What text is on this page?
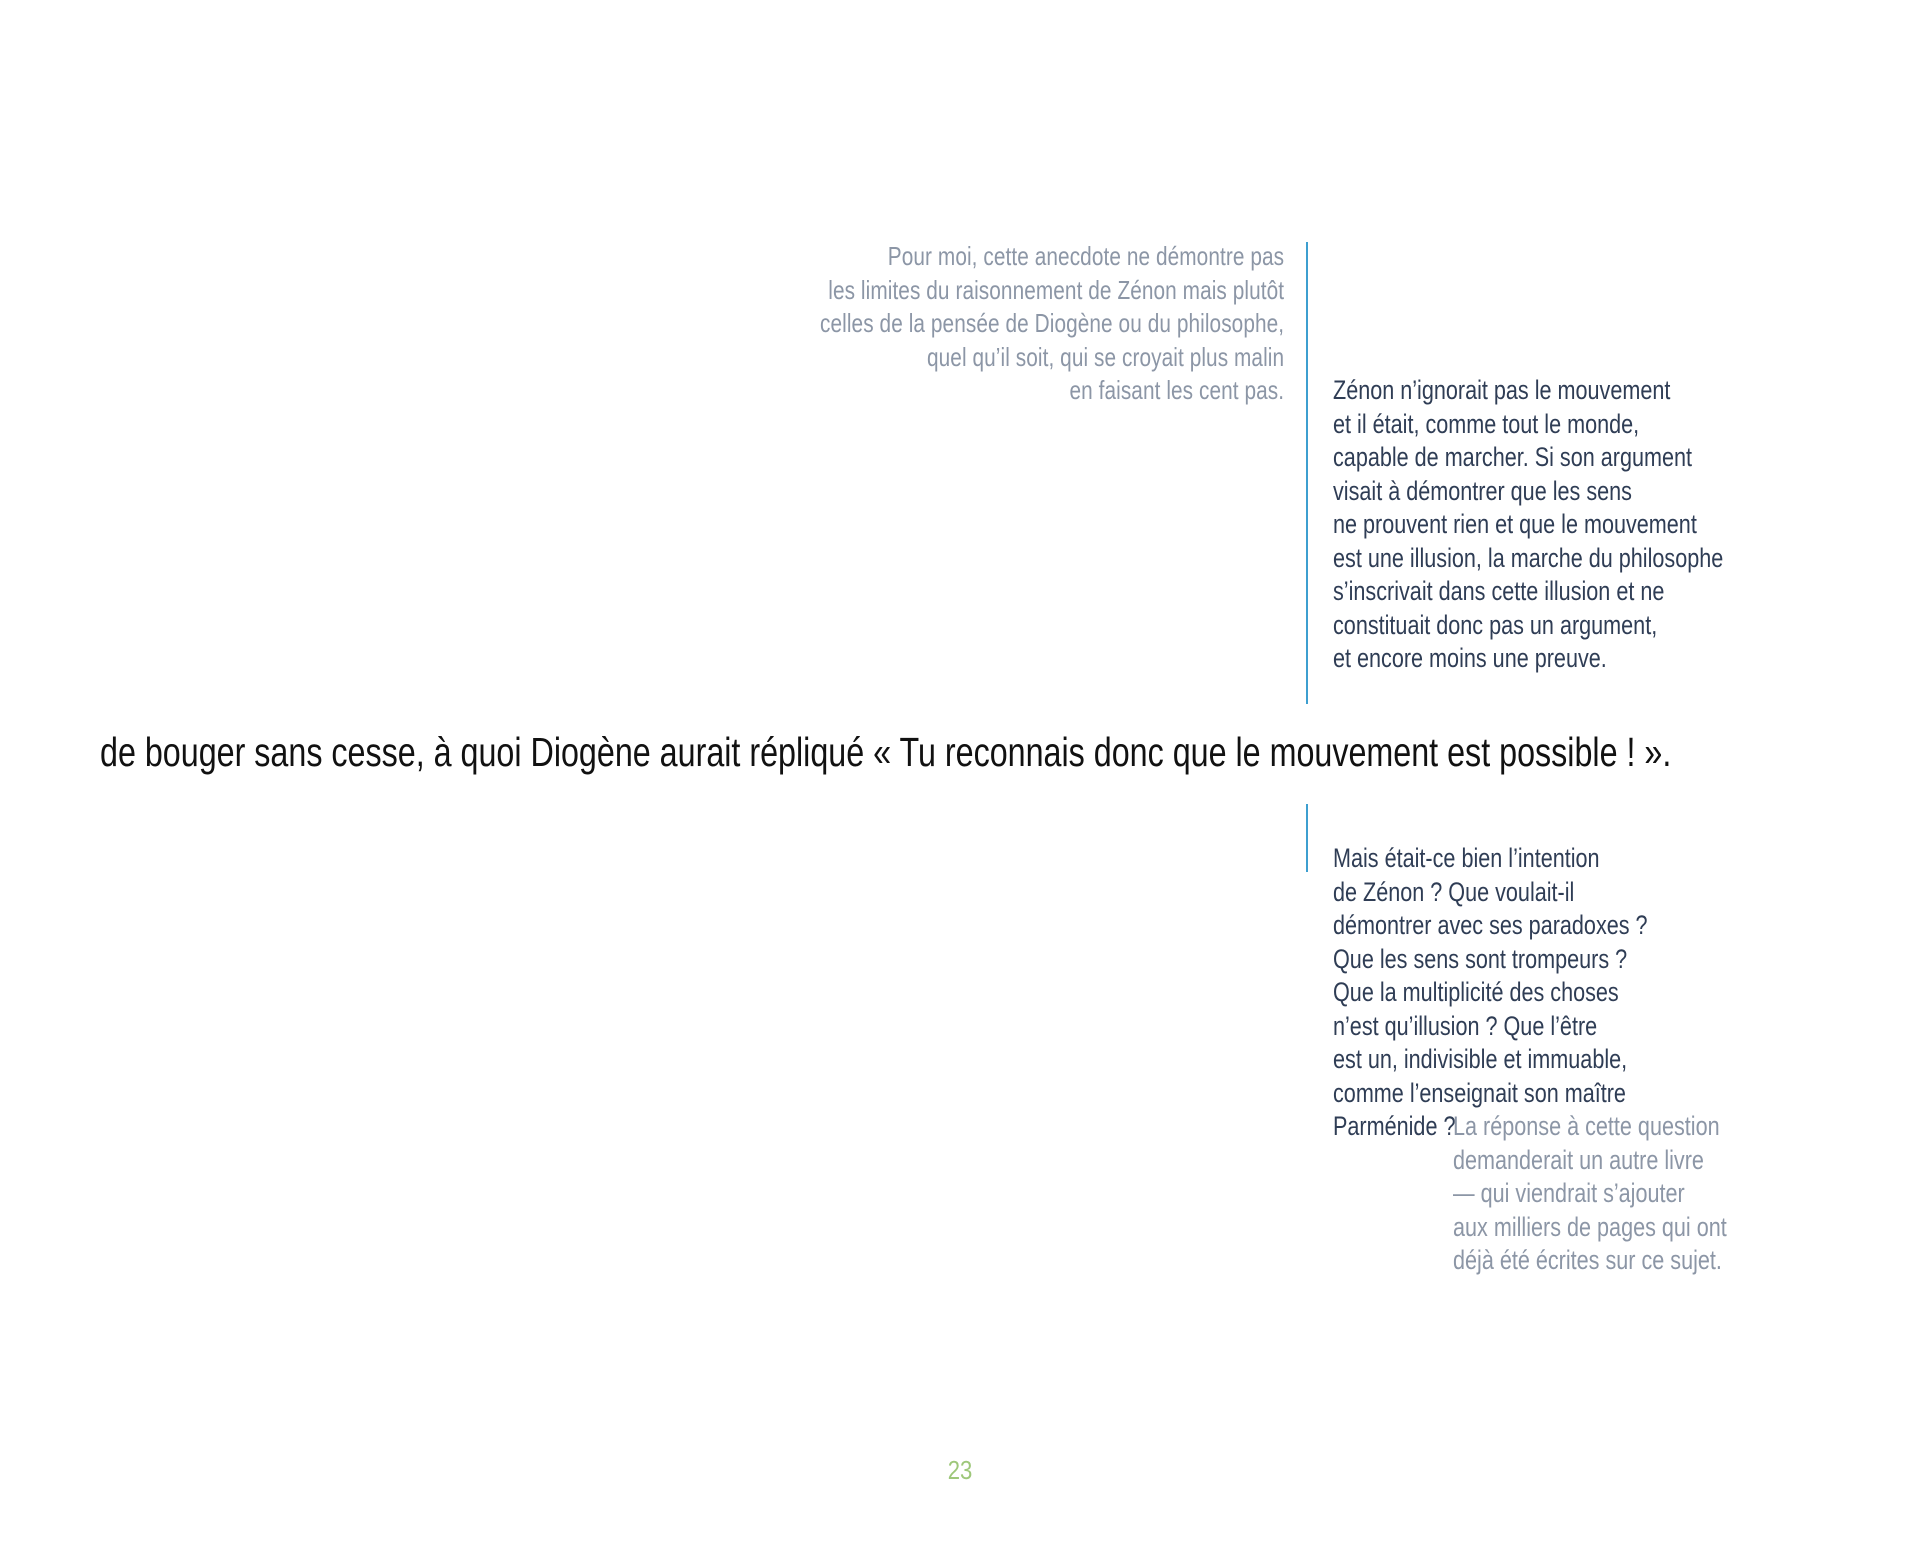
Pour moi, cette anecdote ne démontre pas
les limites du raisonnement de Zénon mais plutôt
celles de la pensée de Diogène ou du philosophe,
quel qu’il soit, qui se croyait plus malin
en faisant les cent pas. Zénon n’ignorait pas le mouvement
et il était, comme tout le monde,
capable de marcher. Si son argument
visait à démontrer que les sens
ne prouvent rien et que le mouvement
est une illusion, la marche du philosophe
s’inscrivait dans cette illusion et ne
constituait donc pas un argument,
et encore moins une preuve.
de bouger sans cesse, à quoi Diogène aurait répliqué « Tu reconnais donc que le mouvement est possible ! ».
Mais était-ce bien l’intention
de Zénon ? Que voulait-il
démontrer avec ses paradoxes ?
Que les sens sont trompeurs ?
Que la multiplicité des choses
n’est qu’illusion ? Que l’être
est un, indivisible et immuable,
comme l’enseignait son maître
Parménide ?
La réponse à cette question
demanderait un autre livre
— qui viendrait s’ajouter
aux milliers de pages qui ont
déjà été écrites sur ce sujet.
23
